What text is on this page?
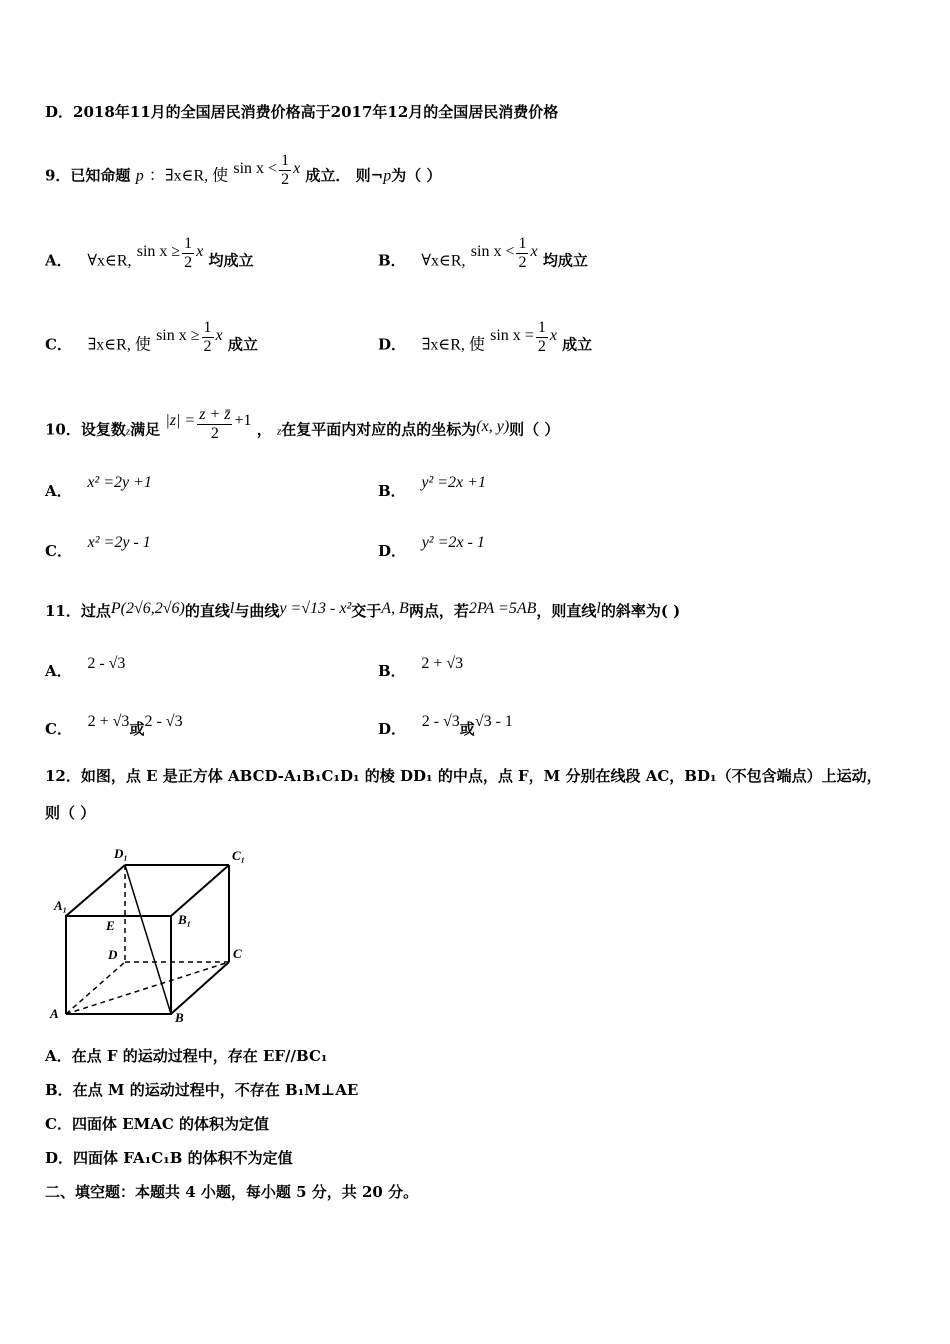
D．2018年11月的全国居民消费价格高于2017年12月的全国居民消费价格
9．已知命题 p ：∃x∈R, 使 $\sin x < \frac{1}{2}$ x 成立． 则¬p为（ ）
A． ∀x∈R, $\sin x \ge \frac{1}{2}$ x 均成立	B． ∀x∈R, $\sin x < \frac{1}{2}$ x 均成立
C． ∃x∈R, 使 $\sin x \ge \frac{1}{2}$ x 成立	D． ∃x∈R, 使 $\sin x = \frac{1}{2}$ x 成立
10．设复数z满足 $|z| = \frac{z + z̄}{2} +1$ ， z在复平面内对应的点的坐标为(x, y)则（ ）
A． x² =2y +1	B． y² =2x +1
C． x² =2y - 1	D． y² =2x - 1
11．过点P(2√6,2√6)的直线l与曲线y =√13 - x²交于A, B两点，若2PA =5AB，则直线l的斜率为( )
A． 2 - √3	B． 2 + √3
C． 2 + √3或2 - √3	D． 2 - √3或√3 - 1
12．如图，点 E 是正方体 ABCD-A₁B₁C₁D₁ 的棱 DD₁ 的中点，点 F，M 分别在线段 AC，BD₁（不包含端点）上运动，
则（ ）
D₁	C₁
A₁
B₁
E
D	C
A	B
A．在点 F 的运动过程中，存在 EF//BC₁
B．在点 M 的运动过程中，不存在 B₁M⊥AE
C．四面体 EMAC 的体积为定值
D．四面体 FA₁C₁B 的体积不为定值
二、填空题：本题共 4 小题，每小题 5 分，共 20 分。
